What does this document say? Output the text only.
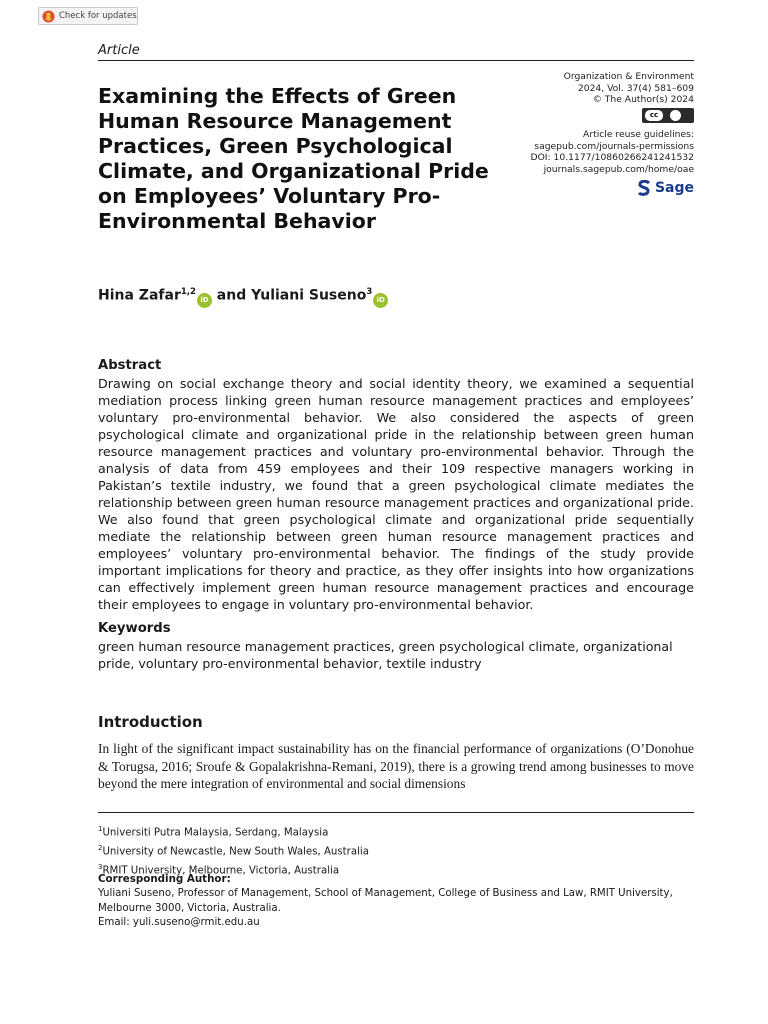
Check for updates
Article
Examining the Effects of Green Human Resource Management Practices, Green Psychological Climate, and Organizational Pride on Employees’ Voluntary Pro-Environmental Behavior
Organization & Environment
2024, Vol. 37(4) 581–609
© The Author(s) 2024
cc
Article reuse guidelines:
sagepub.com/journals-permissions
DOI: 10.1177/10860266241241532
journals.sagepub.com/home/oae
Sage
Hina Zafar$^{1,2}$iD and Yuliani Suseno$^3$iD
Abstract

Drawing on social exchange theory and social identity theory, we examined a sequential mediation process linking green human resource management practices and employees’ voluntary pro-environmental behavior. We also considered the aspects of green psychological climate and organizational pride in the relationship between green human resource management practices and voluntary pro-environmental behavior. Through the analysis of data from 459 employees and their 109 respective managers working in Pakistan’s textile industry, we found that a green psychological climate mediates the relationship between green human resource management practices and organizational pride. We also found that green psychological climate and organizational pride sequentially mediate the relationship between green human resource management practices and employees’ voluntary pro-environmental behavior. The findings of the study provide important implications for theory and practice, as they offer insights into how organizations can effectively implement green human resource management practices and encourage their employees to engage in voluntary pro-environmental behavior.

Keywords

green human resource management practices, green psychological climate, organizational pride, voluntary pro-environmental behavior, textile industry

Introduction

In light of the significant impact sustainability has on the financial performance of organizations (O’Donohue & Torugsa, 2016; Sroufe & Gopalakrishna-Remani, 2019), there is a growing trend among businesses to move beyond the mere integration of environmental and social dimensions

$^1$Universiti Putra Malaysia, Serdang, Malaysia
$^2$University of Newcastle, New South Wales, Australia
$^3$RMIT University, Melbourne, Victoria, Australia
Corresponding Author:
Yuliani Suseno, Professor of Management, School of Management, College of Business and Law, RMIT University,
Melbourne 3000, Victoria, Australia.
Email: yuli.suseno@rmit.edu.au
